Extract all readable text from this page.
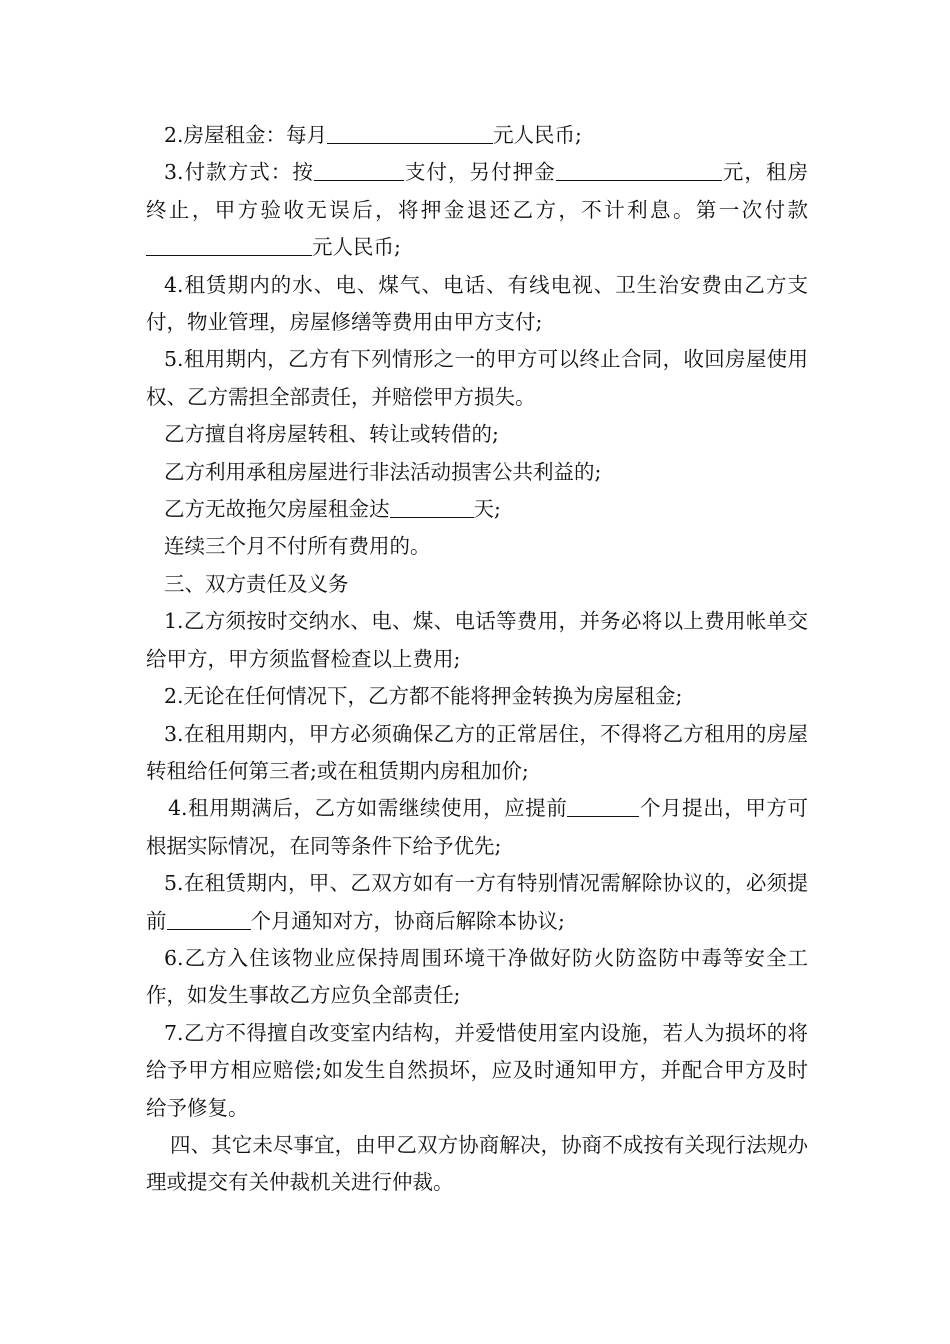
2.房屋租金：每月	元人民币;

3.付款方式：按	支付，另付押金	元，租房终止，甲方验收无误后，将押金退还乙方，不计利息。第一次付款元人民币;

4.租赁期内的水、电、煤气、电话、有线电视、卫生治安费由乙方支付，物业管理，房屋修缮等费用由甲方支付;

5.租用期内，乙方有下列情形之一的甲方可以终止合同，收回房屋使用权、乙方需担全部责任，并赔偿甲方损失。

乙方擅自将房屋转租、转让或转借的;

乙方利用承租房屋进行非法活动损害公共利益的;

乙方无故拖欠房屋租金达	天;

连续三个月不付所有费用的。

三、双方责任及义务

1.乙方须按时交纳水、电、煤、电话等费用，并务必将以上费用帐单交给甲方，甲方须监督检查以上费用;

2.无论在任何情况下，乙方都不能将押金转换为房屋租金;

3.在租用期内，甲方必须确保乙方的正常居住，不得将乙方租用的房屋转租给任何第三者;或在租赁期内房租加价;

4.租用期满后，乙方如需继续使用，应提前	个月提出，甲方可根据实际情况，在同等条件下给予优先;

5.在租赁期内，甲、乙双方如有一方有特别情况需解除协议的，必须提前	个月通知对方，协商后解除本协议;

6.乙方入住该物业应保持周围环境干净做好防火防盗防中毒等安全工作，如发生事故乙方应负全部责任;

7.乙方不得擅自改变室内结构，并爱惜使用室内设施，若人为损坏的将给予甲方相应赔偿;如发生自然损坏，应及时通知甲方，并配合甲方及时给予修复。

四、其它未尽事宜，由甲乙双方协商解决，协商不成按有关现行法规办理或提交有关仲裁机关进行仲裁。
